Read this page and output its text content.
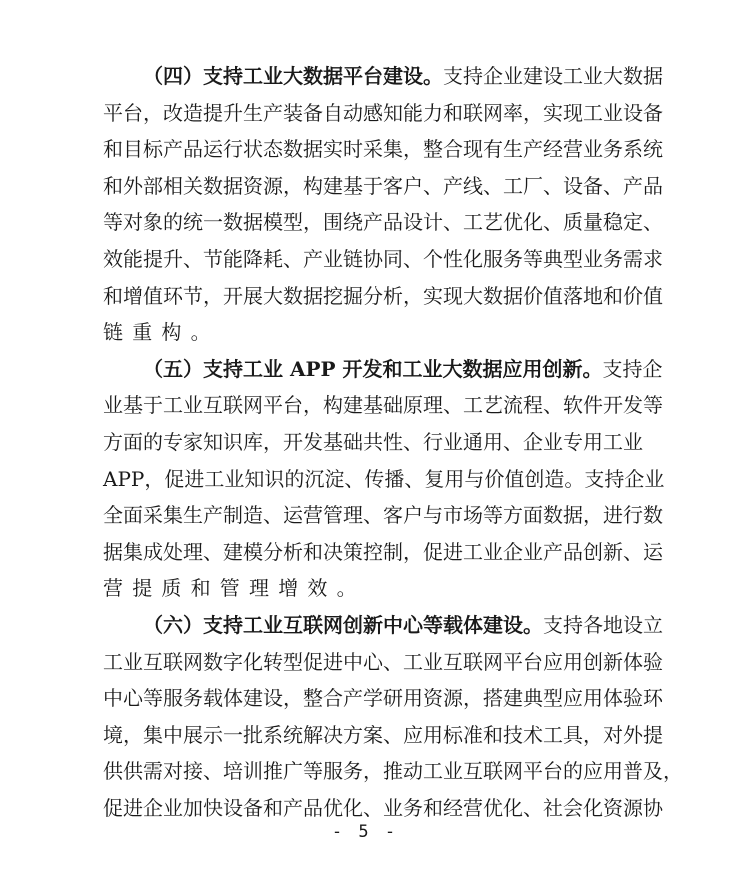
（四）支持工业大数据平台建设。支持企业建设工业大数据
平台，改造提升生产装备自动感知能力和联网率，实现工业设备
和目标产品运行状态数据实时采集，整合现有生产经营业务系统
和外部相关数据资源，构建基于客户、产线、工厂、设备、产品
等对象的统一数据模型，围绕产品设计、工艺优化、质量稳定、
效能提升、节能降耗、产业链协同、个性化服务等典型业务需求
和增值环节，开展大数据挖掘分析，实现大数据价值落地和价值
链重构。
（五）支持工业 APP 开发和工业大数据应用创新。支持企
业基于工业互联网平台，构建基础原理、工艺流程、软件开发等
方面的专家知识库，开发基础共性、行业通用、企业专用工业
APP，促进工业知识的沉淀、传播、复用与价值创造。支持企业
全面采集生产制造、运营管理、客户与市场等方面数据，进行数
据集成处理、建模分析和决策控制，促进工业企业产品创新、运
营提质和管理增效。
（六）支持工业互联网创新中心等载体建设。支持各地设立
工业互联网数字化转型促进中心、工业互联网平台应用创新体验
中心等服务载体建设，整合产学研用资源，搭建典型应用体验环
境，集中展示一批系统解决方案、应用标准和技术工具，对外提
供供需对接、培训推广等服务，推动工业互联网平台的应用普及，
促进企业加快设备和产品优化、业务和经营优化、社会化资源协
- 5 -
